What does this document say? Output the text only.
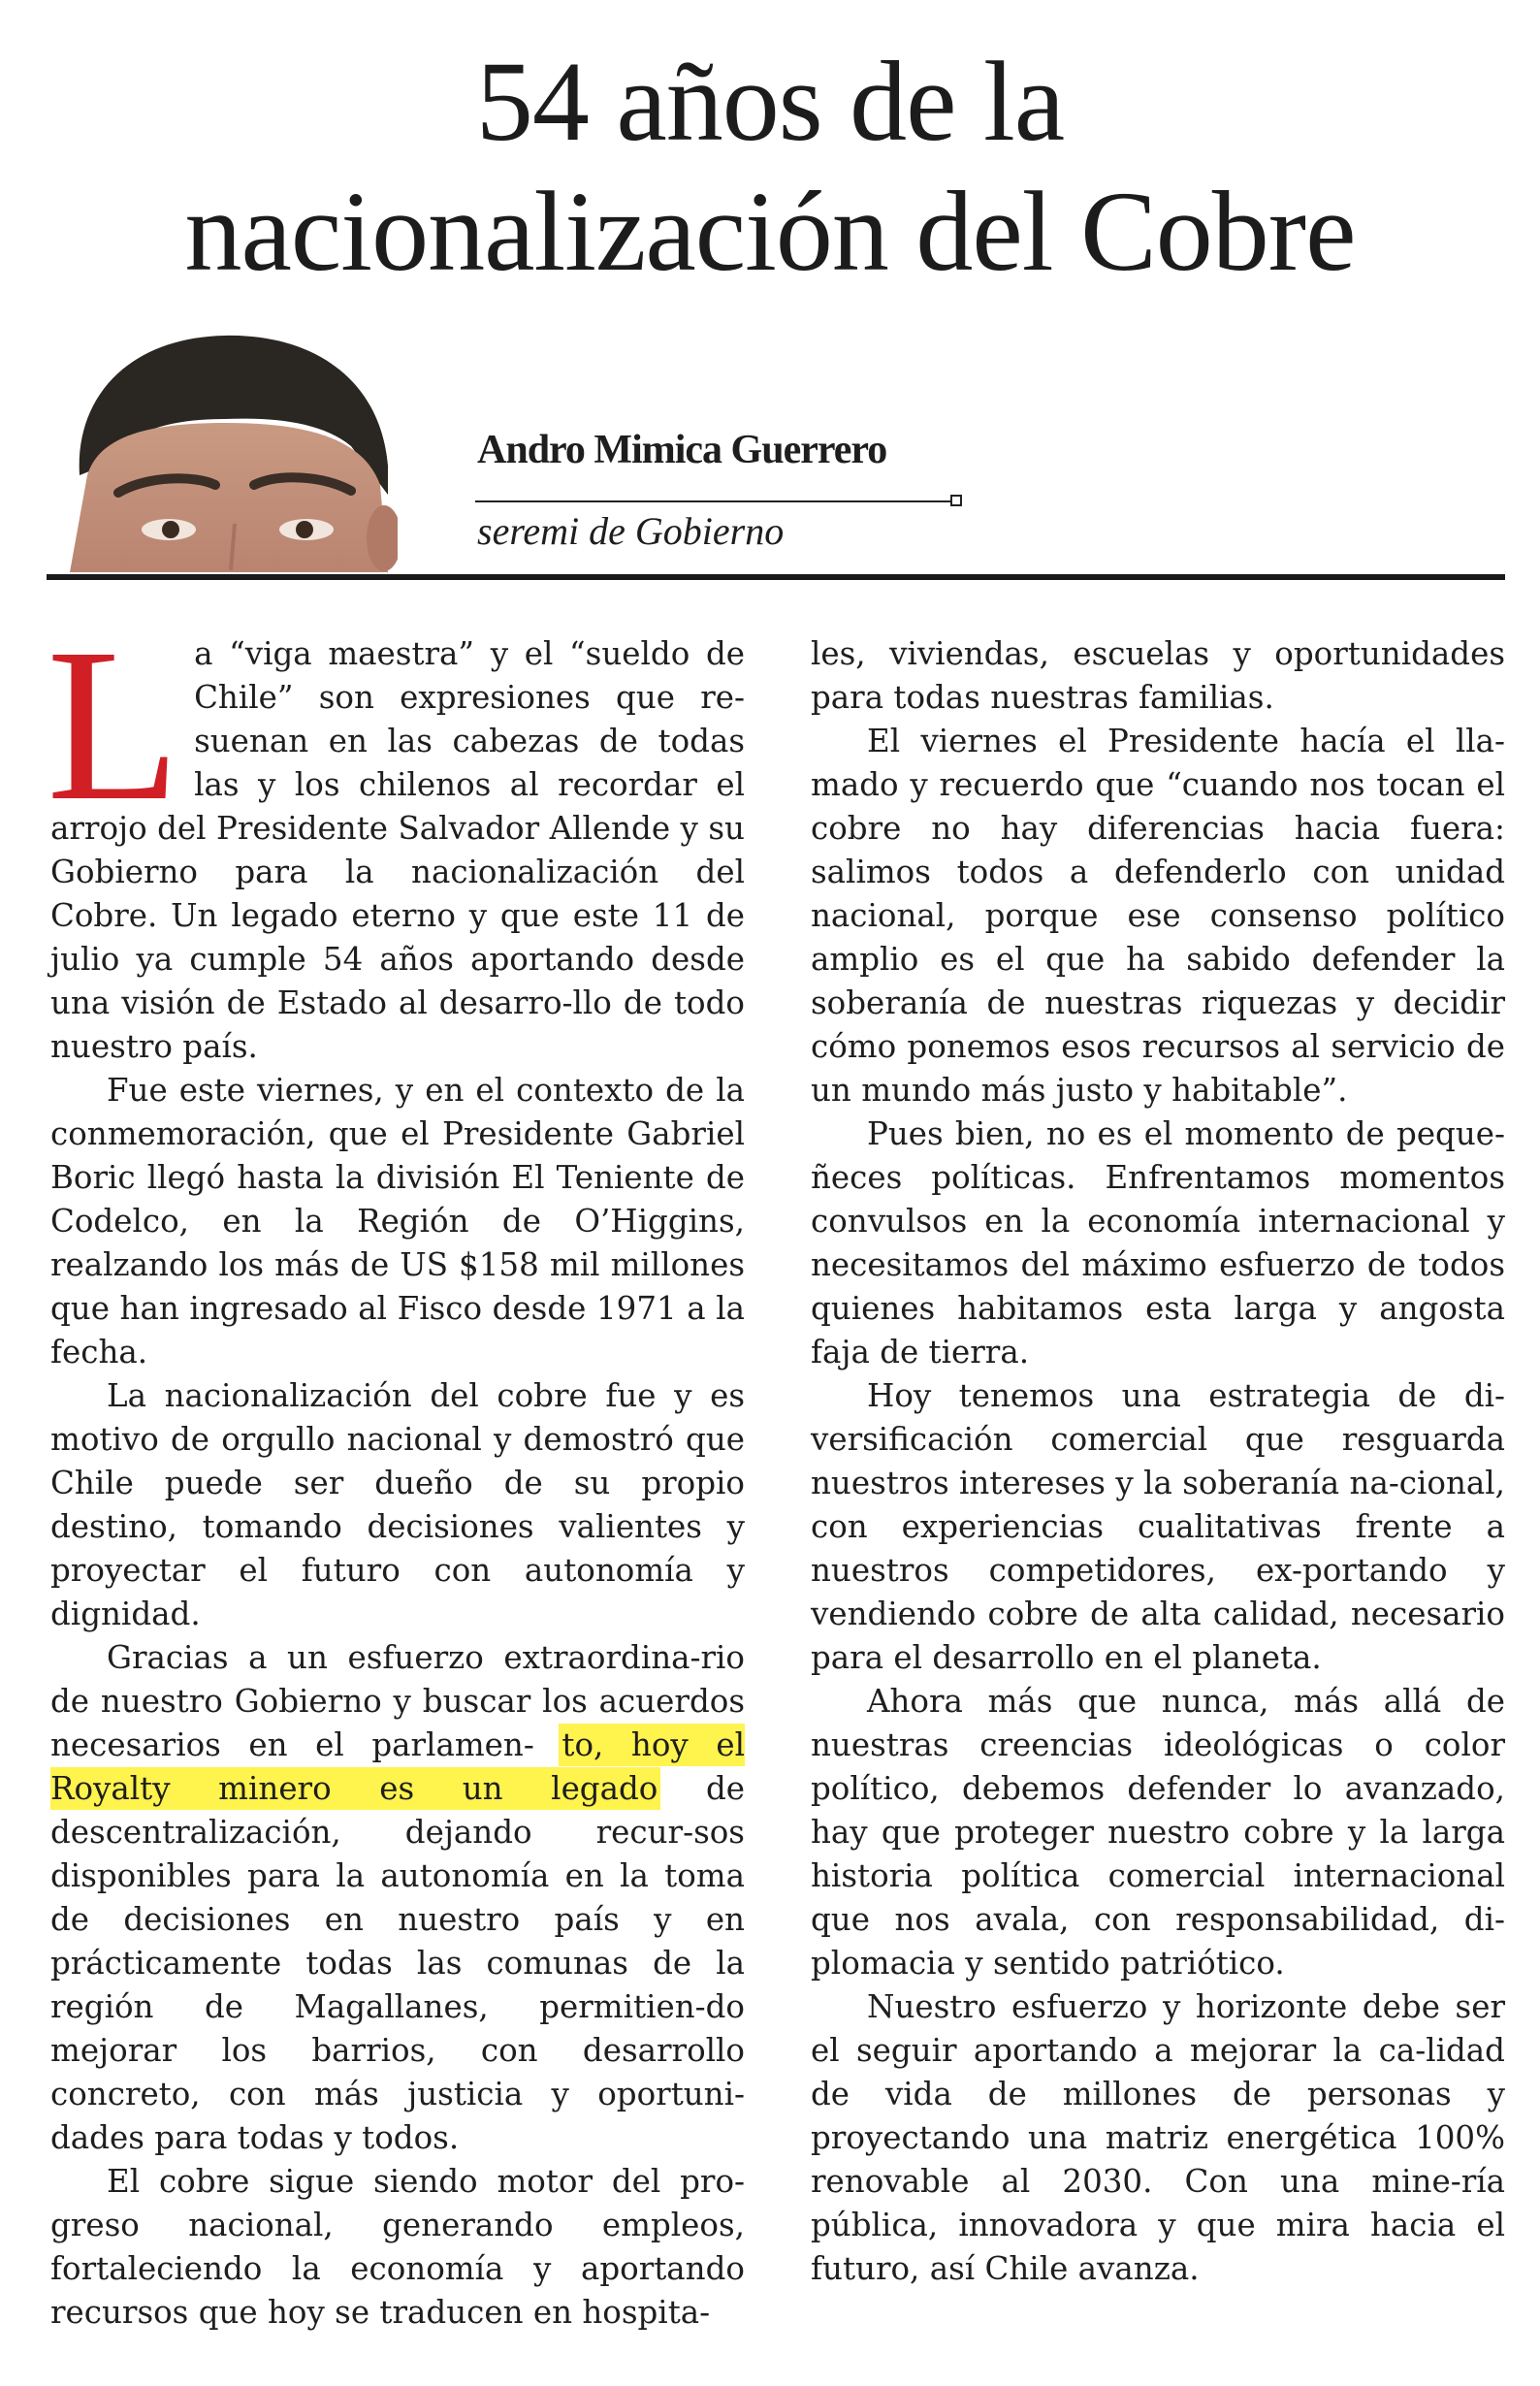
54 años de la
nacionalización del Cobre
Andro Mimica Guerrero
seremi de Gobierno

La “viga maestra” y el “sueldo de Chile” son expresiones que re-suenan en las cabezas de todas las y los chilenos al recordar el arrojo del Presidente Salvador Allende y su Gobierno para la nacionalización del Cobre. Un legado eterno y que este 11 de julio ya cumple 54 años aportando desde una visión de Estado al desarro-llo de todo nuestro país.

Fue este viernes, y en el contexto de la conmemoración, que el Presidente Gabriel Boric llegó hasta la división El Teniente de Codelco, en la Región de O’Higgins, realzando los más de US $158 mil millones que han ingresado al Fisco desde 1971 a la fecha.

La nacionalización del cobre fue y es motivo de orgullo nacional y demostró que Chile puede ser dueño de su propio destino, tomando decisiones valientes y proyectar el futuro con autonomía y dignidad.

Gracias a un esfuerzo extraordina-rio de nuestro Gobierno y buscar los acuerdos necesarios en el parlamen- to, hoy el Royalty minero es un legado de descentralización, dejando recur-sos disponibles para la autonomía en la toma de decisiones en nuestro país y en prácticamente todas las comunas de la región de Magallanes, permitien-do mejorar los barrios, con desarrollo concreto, con más justicia y oportuni-dades para todas y todos.

El cobre sigue siendo motor del pro-greso nacional, generando empleos, fortaleciendo la economía y aportando recursos que hoy se traducen en hospita-

les, viviendas, escuelas y oportunidades para todas nuestras familias.

El viernes el Presidente hacía el lla-mado y recuerdo que “cuando nos tocan el cobre no hay diferencias hacia fuera: salimos todos a defenderlo con unidad nacional, porque ese consenso político amplio es el que ha sabido defender la soberanía de nuestras riquezas y decidir cómo ponemos esos recursos al servicio de un mundo más justo y habitable”.

Pues bien, no es el momento de peque-ñeces políticas. Enfrentamos momentos convulsos en la economía internacional y necesitamos del máximo esfuerzo de todos quienes habitamos esta larga y angosta faja de tierra.

Hoy tenemos una estrategia de di-versificación comercial que resguarda nuestros intereses y la soberanía na-cional, con experiencias cualitativas frente a nuestros competidores, ex-portando y vendiendo cobre de alta calidad, necesario para el desarrollo en el planeta.

Ahora más que nunca, más allá de nuestras creencias ideológicas o color político, debemos defender lo avanzado, hay que proteger nuestro cobre y la larga historia política comercial internacional que nos avala, con responsabilidad, di-plomacia y sentido patriótico.

Nuestro esfuerzo y horizonte debe ser el seguir aportando a mejorar la ca-lidad de vida de millones de personas y proyectando una matriz energética 100% renovable al 2030. Con una mine-ría pública, innovadora y que mira hacia el futuro, así Chile avanza.
